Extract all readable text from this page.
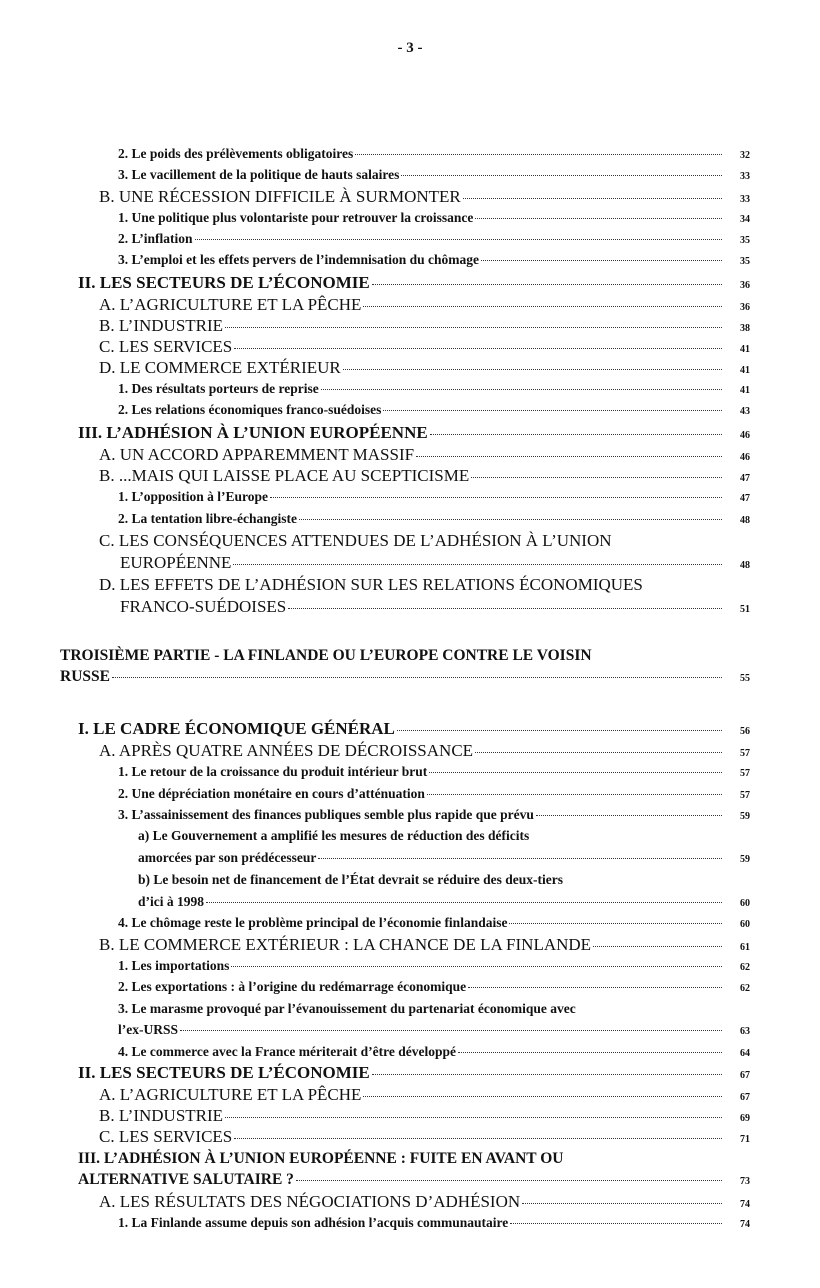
- 3 -
2. Le poids des prélèvements obligatoires	32
3. Le vacillement de la politique de hauts salaires	33
B. UNE RÉCESSION DIFFICILE À SURMONTER	33
1. Une politique plus volontariste pour retrouver la croissance	34
2. L’inflation	35
3. L’emploi et les effets pervers de l’indemnisation du chômage	35
II. LES SECTEURS DE L’ÉCONOMIE	36
A. L’AGRICULTURE ET LA PÊCHE	36
B. L’INDUSTRIE	38
C. LES SERVICES	41
D. LE COMMERCE EXTÉRIEUR	41
1. Des résultats porteurs de reprise	41
2. Les relations économiques franco-suédoises	43
III. L’ADHÉSION À L’UNION EUROPÉENNE	46
A. UN ACCORD APPAREMMENT MASSIF	46
B. ...MAIS QUI LAISSE PLACE AU SCEPTICISME	47
1. L’opposition à l’Europe	47
2. La tentation libre-échangiste	48
C. LES CONSÉQUENCES ATTENDUES DE L’ADHÉSION À L’UNION
EUROPÉENNE	48
D. LES EFFETS DE L’ADHÉSION SUR LES RELATIONS ÉCONOMIQUES
FRANCO-SUÉDOISES	51
TROISIÈME PARTIE - LA FINLANDE OU L’EUROPE CONTRE LE VOISIN
RUSSE	55
I. LE CADRE ÉCONOMIQUE GÉNÉRAL	56
A. APRÈS QUATRE ANNÉES DE DÉCROISSANCE	57
1. Le retour de la croissance du produit intérieur brut	57
2. Une dépréciation monétaire en cours d’atténuation	57
3. L’assainissement des finances publiques semble plus rapide que prévu	59
a) Le Gouvernement a amplifié les mesures de réduction des déficits
amorcées par son prédécesseur	59
b) Le besoin net de financement de l’État devrait se réduire des deux-tiers
d’ici à 1998	60
4. Le chômage reste le problème principal de l’économie finlandaise	60
B. LE COMMERCE EXTÉRIEUR : LA CHANCE DE LA FINLANDE	61
1. Les importations	62
2. Les exportations : à l’origine du redémarrage économique	62
3. Le marasme provoqué par l’évanouissement du partenariat économique avec
l’ex-URSS	63
4. Le commerce avec la France mériterait d’être développé	64
II. LES SECTEURS DE L’ÉCONOMIE	67
A. L’AGRICULTURE ET LA PÊCHE	67
B. L’INDUSTRIE	69
C. LES SERVICES	71
III. L’ADHÉSION À L’UNION EUROPÉENNE : FUITE EN AVANT OU
ALTERNATIVE SALUTAIRE ?	73
A. LES RÉSULTATS DES NÉGOCIATIONS D’ADHÉSION	74
1. La Finlande assume depuis son adhésion l’acquis communautaire	74
